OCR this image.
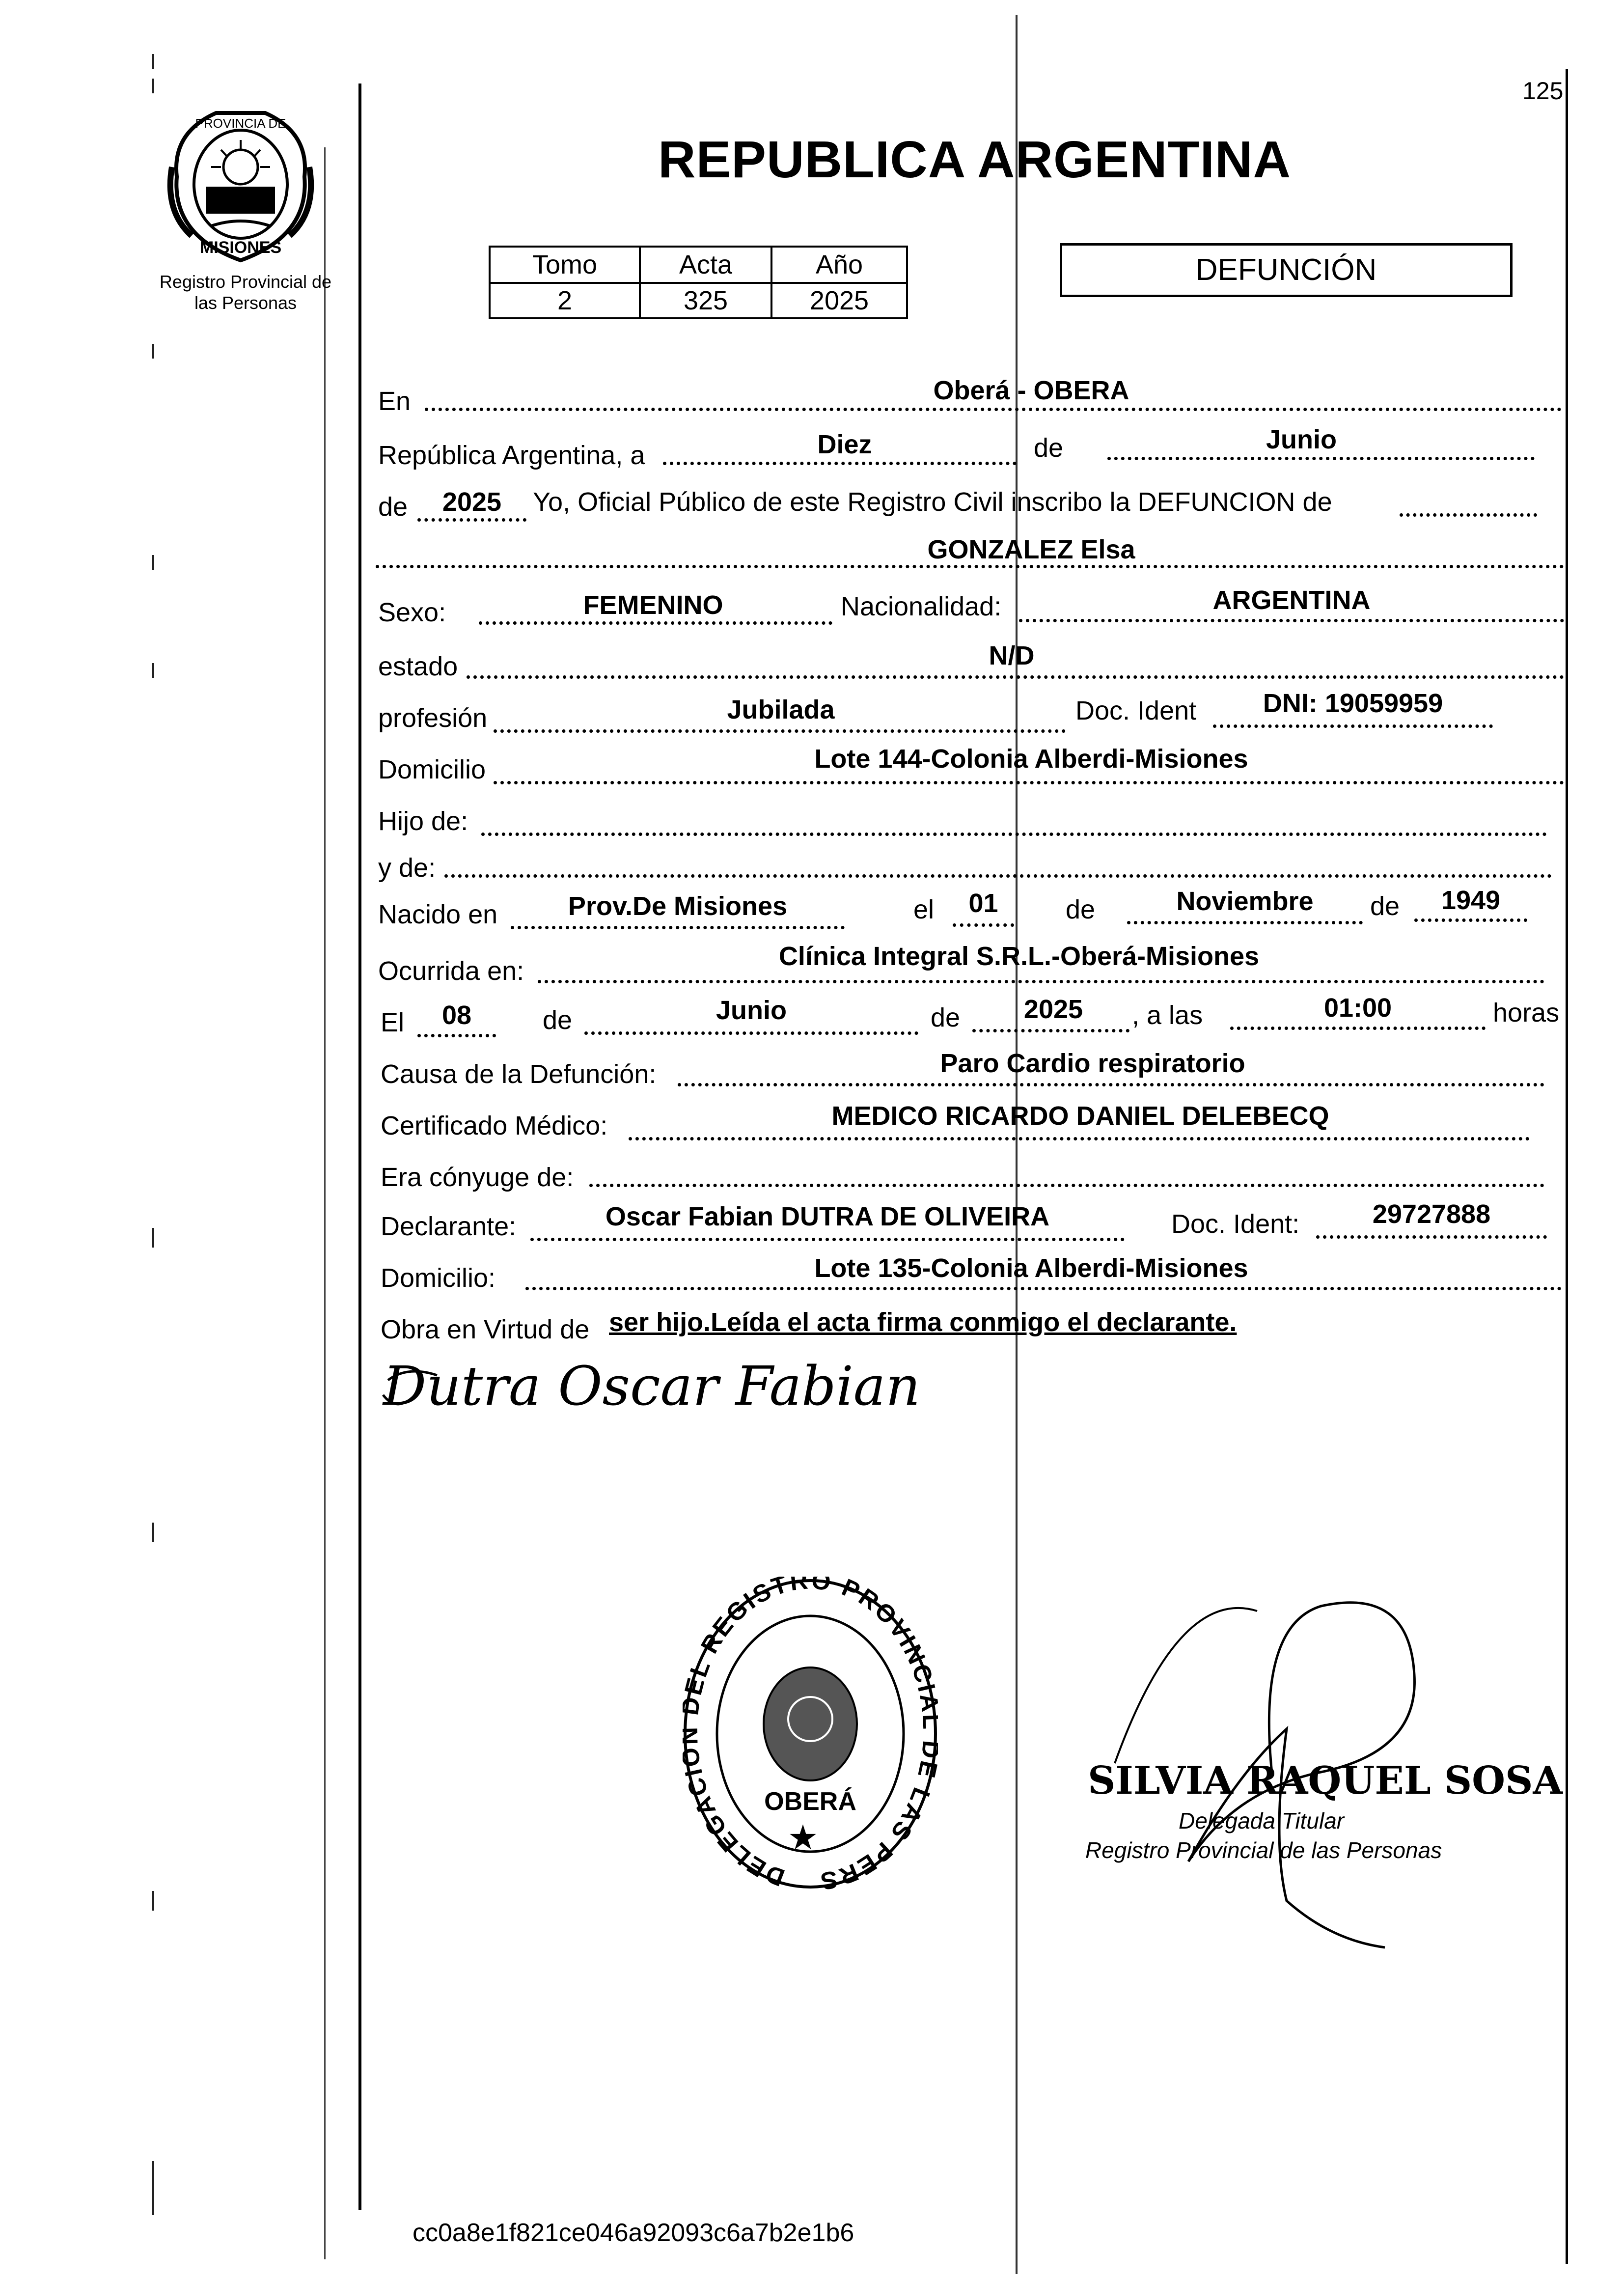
125
PROVINCIA DE
MISIONES
Registro Provincial de
las Personas
REPUBLICA ARGENTINA
Tomo	Acta	Año
2	325	2025
DEFUNCIÓN
En	Oberá - OBERA
República Argentina, a	Diez	de	Junio
de	2025	Yo, Oficial Público de este Registro Civil inscribo la DEFUNCION de
GONZALEZ Elsa
Sexo:	FEMENINO	Nacionalidad:	ARGENTINA
estado	N/D
profesión	Jubilada	Doc. Ident	DNI: 19059959
Domicilio	Lote 144-Colonia Alberdi-Misiones
Hijo de:
y de:
Nacido en	Prov.De Misiones	el	01	de	Noviembre	de	1949
Ocurrida en:	Clínica Integral S.R.L.-Oberá-Misiones
El	08	de	Junio	de	2025	, a las	01:00	horas
Causa de la Defunción:	Paro Cardio respiratorio
Certificado Médico:	MEDICO RICARDO DANIEL DELEBECQ
Era cónyuge de:
Declarante:	Oscar Fabian DUTRA DE OLIVEIRA	Doc. Ident:	29727888
Domicilio:	Lote 135-Colonia Alberdi-Misiones
Obra en Virtud de ser hijo.Leída el acta firma conmigo el declarante.
Dutra Oscar Fabian
DELEGAC L REGISTRO PROVINC LAS PERS
OBERÁ
★
SILVIA RAQUEL SOSA
Delegada Titular
Registro Provincial de las Personas
cc0a8e1f821ce046a92093c6a7b2e1b6
